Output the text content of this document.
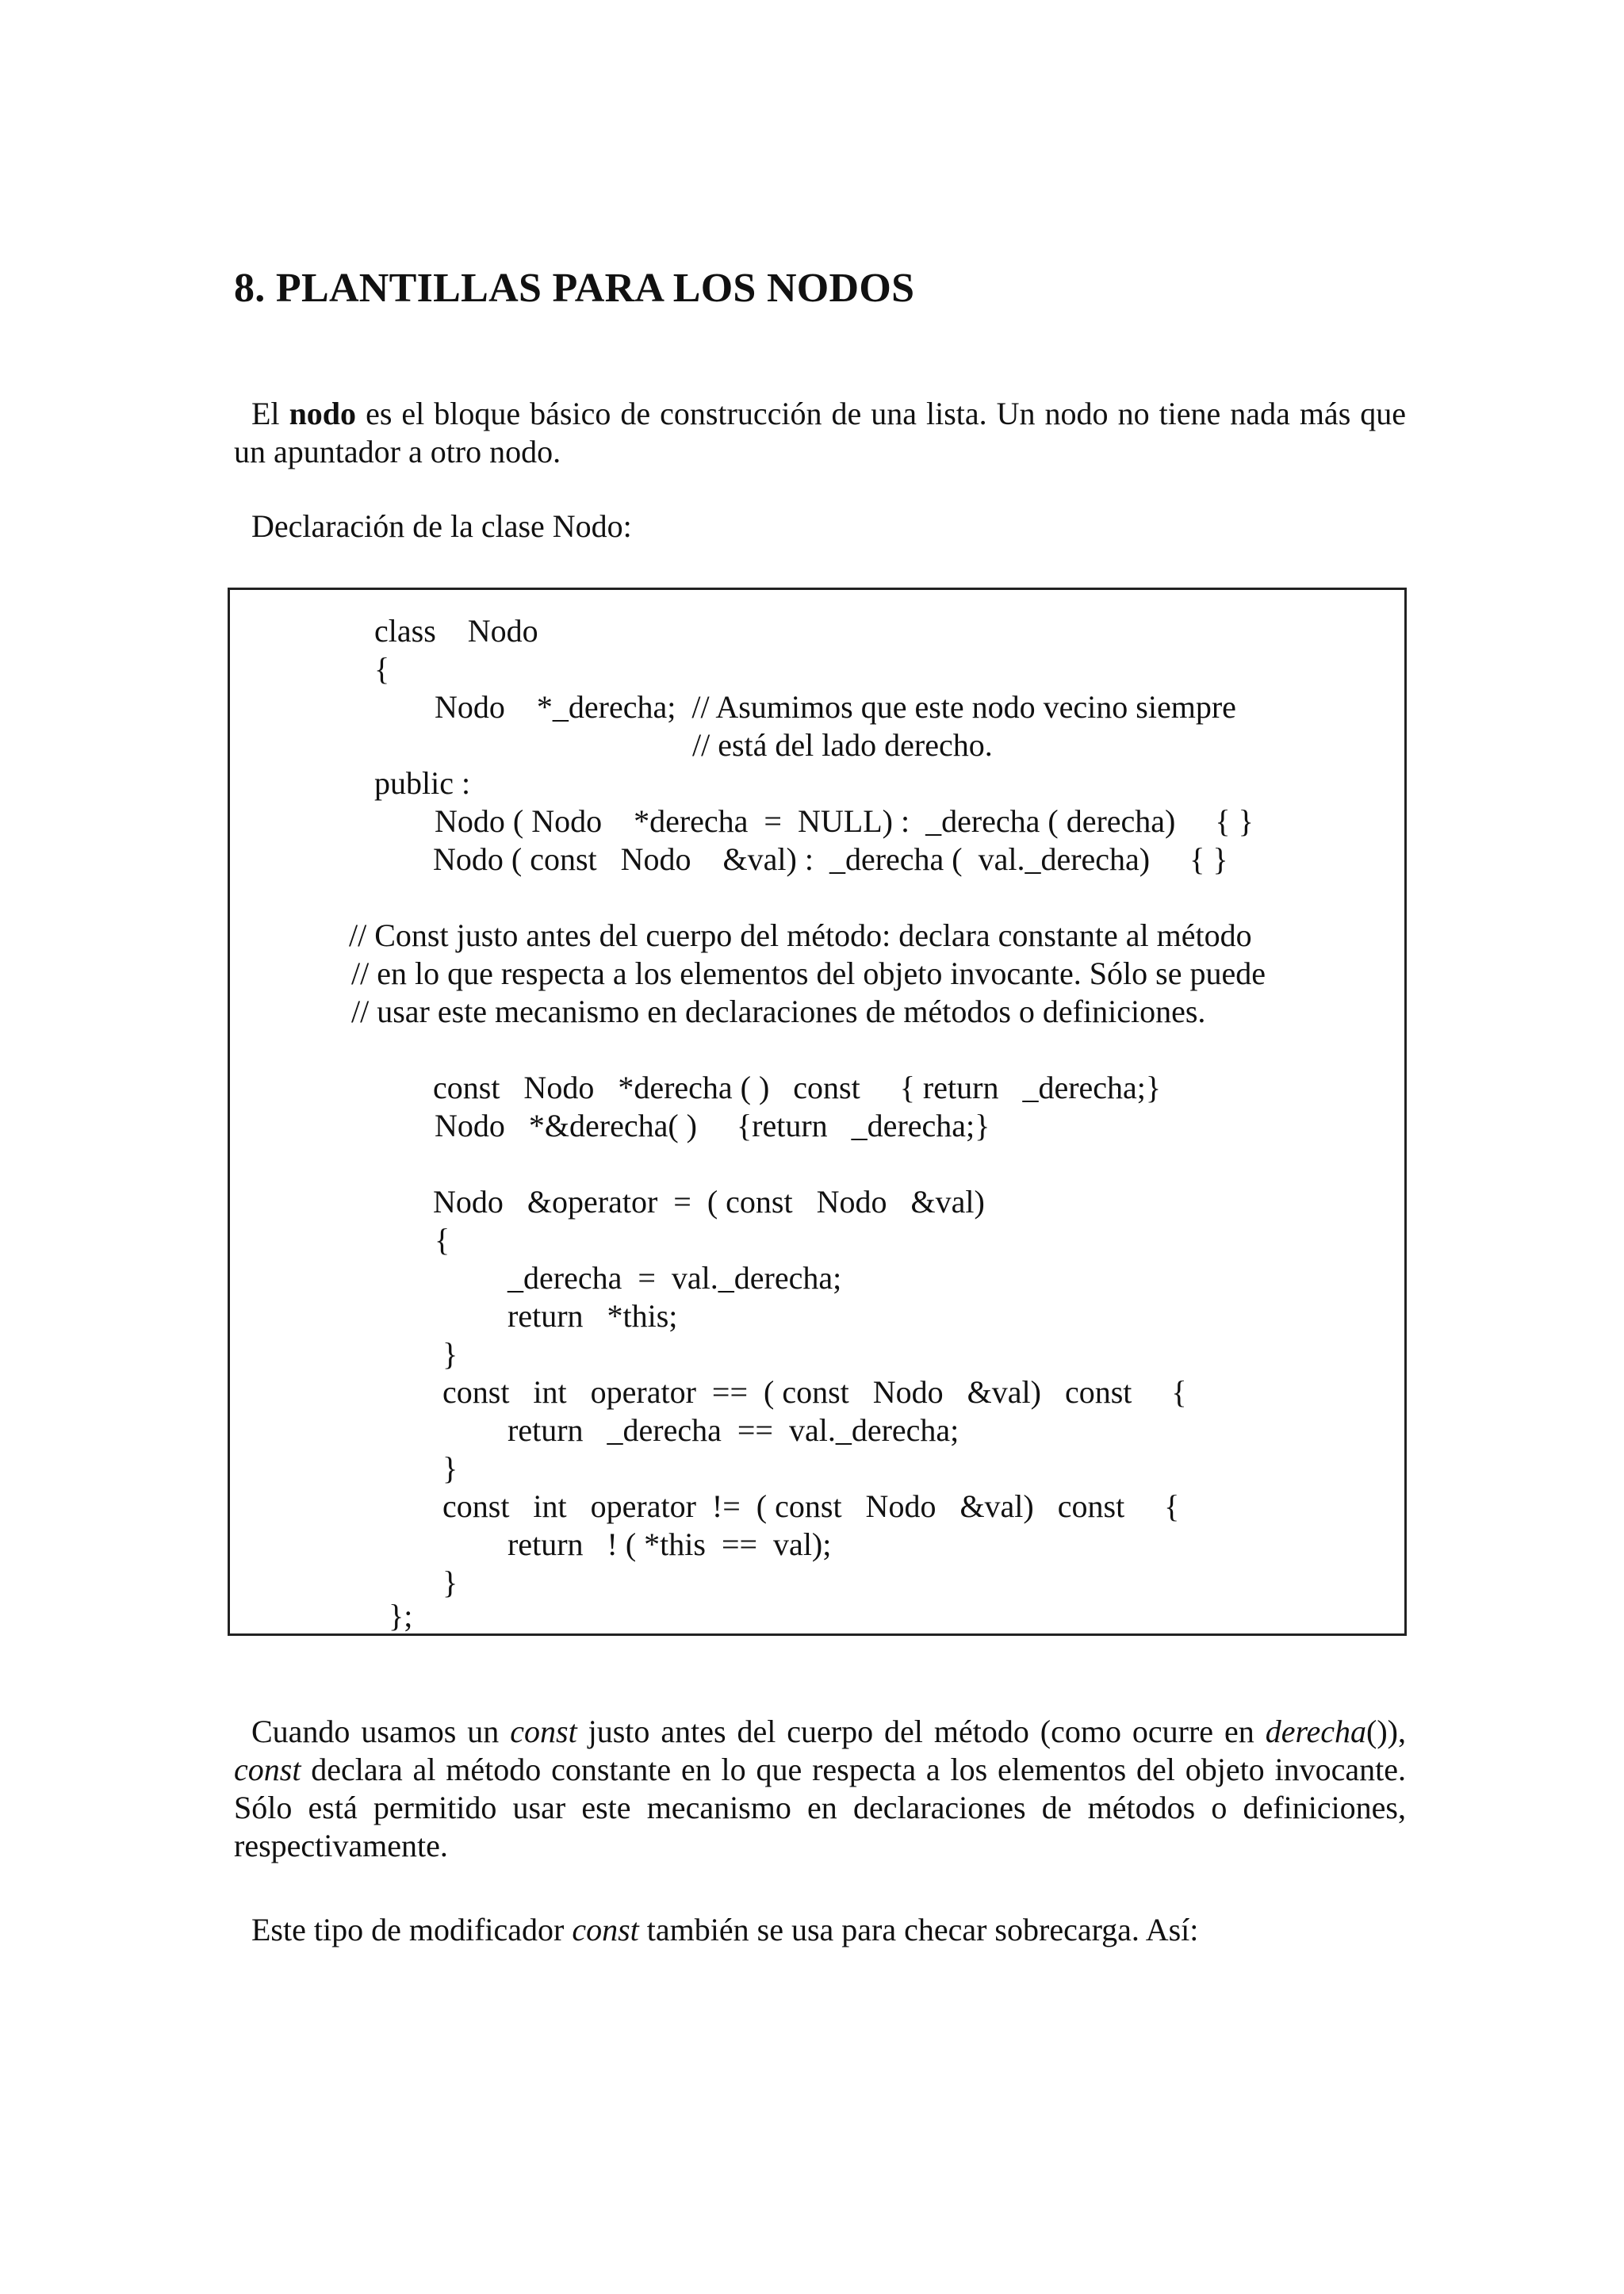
8. PLANTILLAS PARA LOS NODOS

El nodo es el bloque básico de construcción de una lista. Un nodo no tiene nada más que un apuntador a otro nodo.

Declaración de la clase Nodo:

class    Nodo
{
Nodo    *_derecha;  // Asumimos que este nodo vecino siempre
// está del lado derecho.
public :
Nodo ( Nodo    *derecha  =  NULL) :  _derecha ( derecha)     { }
Nodo ( const   Nodo    &val) :  _derecha (  val._derecha)     { }
// Const justo antes del cuerpo del método: declara constante al método
// en lo que respecta a los elementos del objeto invocante. Sólo se puede
// usar este mecanismo en declaraciones de métodos o definiciones.
const   Nodo   *derecha ( )   const     { return   _derecha;}
Nodo   *&derecha( )     {return   _derecha;}
Nodo   &operator  =  ( const   Nodo   &val)
{
_derecha  =  val._derecha;
return   *this;
}
const   int   operator  ==  ( const   Nodo   &val)   const     {
return   _derecha  ==  val._derecha;
}
const   int   operator  !=  ( const   Nodo   &val)   const     {
return   ! ( *this  ==  val);
}
};

Cuando usamos un const justo antes del cuerpo del método (como ocurre en derecha()), const declara al método constante en lo que respecta a los elementos del objeto invocante. Sólo está permitido usar este mecanismo en declaraciones de métodos o definiciones, respectivamente.

Este tipo de modificador const también se usa para checar sobrecarga. Así:
